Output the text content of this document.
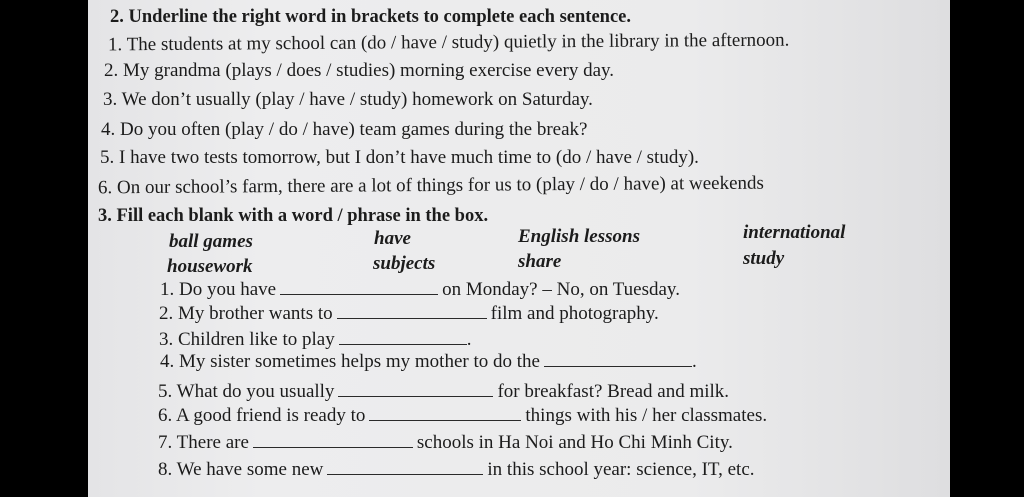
2. Underline the right word in brackets to complete each sentence.
1. The students at my school can (do / have / study) quietly in the library in the afternoon.
2. My grandma (plays / does / studies) morning exercise every day.
3. We don’t usually (play / have / study) homework on Saturday.
4. Do you often (play / do / have) team games during the break?
5. I have two tests tomorrow, but I don’t have much time to (do / have / study).
6. On our school’s farm, there are a lot of things for us to (play / do / have) at weekends
3. Fill each blank with a word / phrase in the box.
ball games	have	English lessons	international
housework	subjects	share	study
1. Do you have	on Monday? – No, on Tuesday.
2. My brother wants to	film and photography.
3. Children like to play	.
4. My sister sometimes helps my mother to do the	.
5. What do you usually	for breakfast? Bread and milk.
6. A good friend is ready to	things with his / her classmates.
7. There are	schools in Ha Noi and Ho Chi Minh City.
8. We have some new	in this school year: science, IT, etc.
